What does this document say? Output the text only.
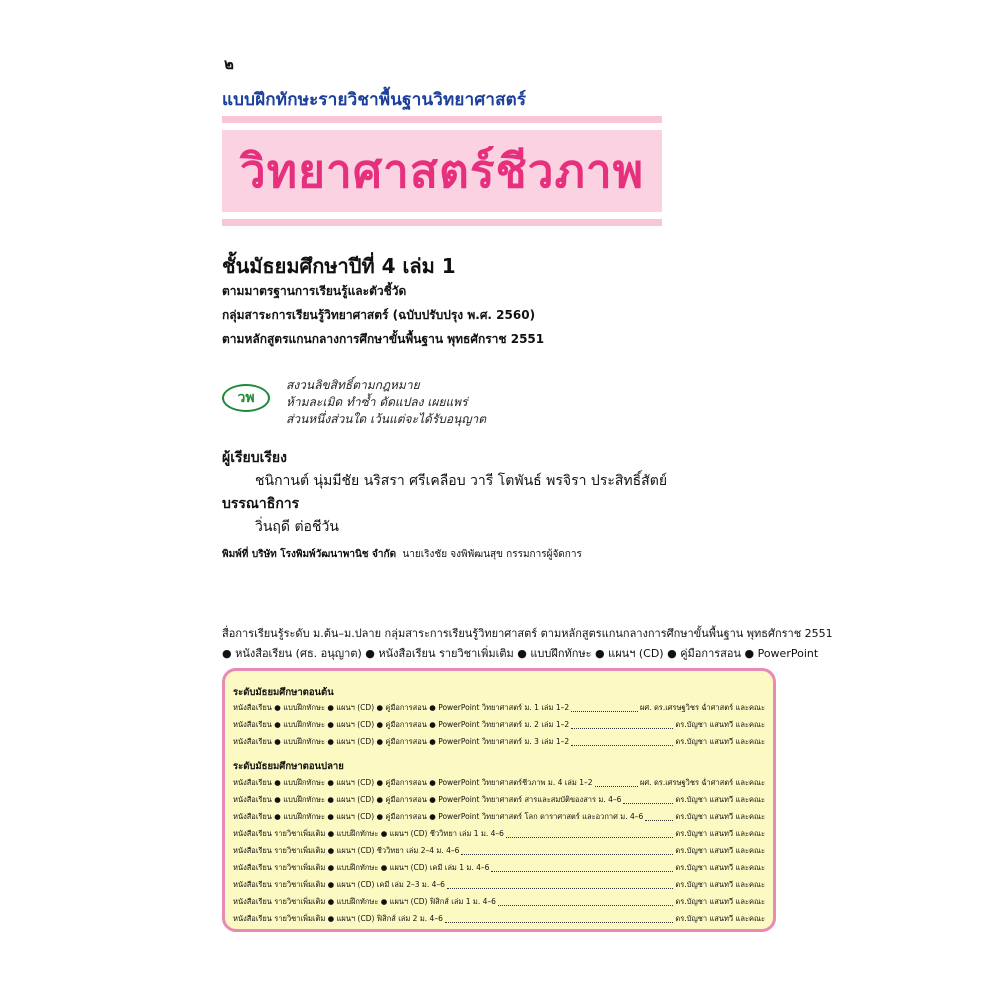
๒
แบบฝึกทักษะรายวิชาพื้นฐานวิทยาศาสตร์
วิทยาศาสตร์ชีวภาพ
ชั้นมัธยมศึกษาปีที่ 4 เล่ม 1
ตามมาตรฐานการเรียนรู้และตัวชี้วัด
กลุ่มสาระการเรียนรู้วิทยาศาสตร์ (ฉบับปรับปรุง พ.ศ. 2560)
ตามหลักสูตรแกนกลางการศึกษาขั้นพื้นฐาน พุทธศักราช 2551
วพ
สงวนลิขสิทธิ์ตามกฎหมาย
ห้ามละเมิด ทำซ้ำ ดัดแปลง เผยแพร่
ส่วนหนึ่งส่วนใด เว้นแต่จะได้รับอนุญาต
ผู้เรียบเรียง
ชนิกานต์ นุ่มมีชัย นริสรา ศรีเคลือบ วารี โตพันธ์ พรจิรา ประสิทธิ์สัตย์
บรรณาธิการ
วิ่นฤดี ต่อชีวัน
พิมพ์ที่ บริษัท โรงพิมพ์วัฒนาพานิช จำกัด นายเริงชัย จงพิพัฒนสุข กรรมการผู้จัดการ
สื่อการเรียนรู้ระดับ ม.ต้น–ม.ปลาย กลุ่มสาระการเรียนรู้วิทยาศาสตร์ ตามหลักสูตรแกนกลางการศึกษาขั้นพื้นฐาน พุทธศักราช 2551
● หนังสือเรียน (ศธ. อนุญาต) ● หนังสือเรียน รายวิชาเพิ่มเติม ● แบบฝึกทักษะ ● แผนฯ (CD) ● คู่มือการสอน ● PowerPoint
ระดับมัธยมศึกษาตอนต้น
หนังสือเรียน ● แบบฝึกทักษะ ● แผนฯ (CD) ● คู่มือการสอน ● PowerPoint วิทยาศาสตร์ ม. 1 เล่ม 1–2	ผศ. ดร.เศรษฐวิชร ฉ่ำศาสตร์ และคณะ
หนังสือเรียน ● แบบฝึกทักษะ ● แผนฯ (CD) ● คู่มือการสอน ● PowerPoint วิทยาศาสตร์ ม. 2 เล่ม 1–2	ดร.บัญชา แสนทวี และคณะ
หนังสือเรียน ● แบบฝึกทักษะ ● แผนฯ (CD) ● คู่มือการสอน ● PowerPoint วิทยาศาสตร์ ม. 3 เล่ม 1–2	ดร.บัญชา แสนทวี และคณะ
ระดับมัธยมศึกษาตอนปลาย
หนังสือเรียน ● แบบฝึกทักษะ ● แผนฯ (CD) ● คู่มือการสอน ● PowerPoint วิทยาศาสตร์ชีวภาพ ม. 4 เล่ม 1–2	ผศ. ดร.เศรษฐวิชร ฉ่ำศาสตร์ และคณะ
หนังสือเรียน ● แบบฝึกทักษะ ● แผนฯ (CD) ● คู่มือการสอน ● PowerPoint วิทยาศาสตร์ สารและสมบัติของสาร ม. 4–6	ดร.บัญชา แสนทวี และคณะ
หนังสือเรียน ● แบบฝึกทักษะ ● แผนฯ (CD) ● คู่มือการสอน ● PowerPoint วิทยาศาสตร์ โลก ดาราศาสตร์ และอวกาศ ม. 4–6	ดร.บัญชา แสนทวี และคณะ
หนังสือเรียน รายวิชาเพิ่มเติม ● แบบฝึกทักษะ ● แผนฯ (CD) ชีววิทยา เล่ม 1 ม. 4–6	ดร.บัญชา แสนทวี และคณะ
หนังสือเรียน รายวิชาเพิ่มเติม ● แผนฯ (CD) ชีววิทยา เล่ม 2–4 ม. 4–6	ดร.บัญชา แสนทวี และคณะ
หนังสือเรียน รายวิชาเพิ่มเติม ● แบบฝึกทักษะ ● แผนฯ (CD) เคมี เล่ม 1 ม. 4–6	ดร.บัญชา แสนทวี และคณะ
หนังสือเรียน รายวิชาเพิ่มเติม ● แผนฯ (CD) เคมี เล่ม 2–3 ม. 4–6	ดร.บัญชา แสนทวี และคณะ
หนังสือเรียน รายวิชาเพิ่มเติม ● แบบฝึกทักษะ ● แผนฯ (CD) ฟิสิกส์ เล่ม 1 ม. 4–6	ดร.บัญชา แสนทวี และคณะ
หนังสือเรียน รายวิชาเพิ่มเติม ● แผนฯ (CD) ฟิสิกส์ เล่ม 2 ม. 4–6	ดร.บัญชา แสนทวี และคณะ
